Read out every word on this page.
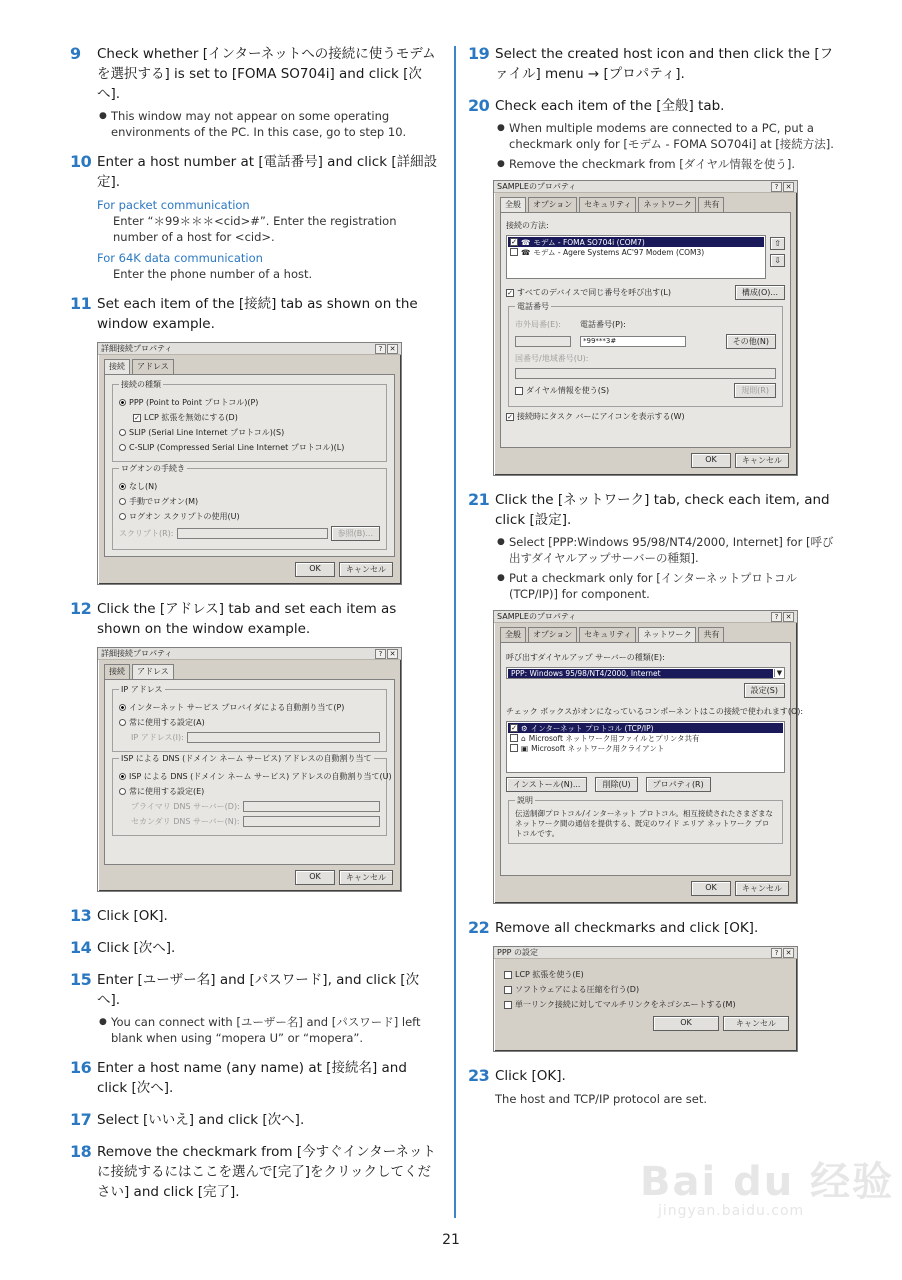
9	Check whether [インターネットへの接続に使うモデムを選択する] is set to [FOMA SO704i] and click [次へ].
● This window may not appear on some operating environments of the PC. In this case, go to step 10.
10 Enter a host number at [電話番号] and click [詳細設定].
For packet communication
Enter “＊99＊＊＊<cid>#”. Enter the registration number of a host for <cid>.
For 64K data communication
Enter the phone number of a host.
11 Set each item of the [接続] tab as shown on the window example.
詳細接続プロパティ	?	✕
接続	アドレス
接続の種類
PPP (Point to Point プロトコル)(P)
✓ LCP 拡張を無効にする(D)
SLIP (Serial Line Internet プロトコル)(S)
C-SLIP (Compressed Serial Line Internet プロトコル)(L)
ログオンの手続き
なし(N)
手動でログオン(M)
ログオン スクリプトの使用(U)
スクリプト(R):	参照(B)...
OK	キャンセル
12 Click the [アドレス] tab and set each item as shown on the window example.
詳細接続プロパティ	?	✕
接続	アドレス
IP アドレス
インターネット サービス プロバイダによる自動割り当て(P)
常に使用する設定(A)
IP アドレス(I):
ISP による DNS (ドメイン ネーム サービス) アドレスの自動割り当て
ISP による DNS (ドメイン ネーム サービス) アドレスの自動割り当て(U)
常に使用する設定(E)
プライマリ DNS サーバー(D):
セカンダリ DNS サーバー(N):
OK	キャンセル
13 Click [OK].
14 Click [次へ].
15 Enter [ユーザー名] and [パスワード], and click [次へ].
● You can connect with [ユーザー名] and [パスワード] left blank when using “mopera U” or “mopera”.
16 Enter a host name (any name) at [接続名] and click [次へ].
17 Select [いいえ] and click [次へ].
18 Remove the checkmark from [今すぐインターネットに接続するにはここを選んで[完了]をクリックしてください] and click [完了].
19 Select the created host icon and then click the [ファイル] menu → [プロパティ].
20 Check each item of the [全般] tab.
● When multiple modems are connected to a PC, put a checkmark only for [モデム - FOMA SO704i] at [接続方法].
● Remove the checkmark from [ダイヤル情報を使う].
SAMPLEのプロパティ	?	✕
全般	オプション	セキュリティ	ネットワーク	共有
接続の方法:
✓ ☎ モデム - FOMA SO704i (COM7)
☎ モデム - Agere Systems AC'97 Modem (COM3)
⇧
⇩
✓ すべてのデバイスで同じ番号を呼び出す(L)	構成(O)...
電話番号
市外局番(E):	電話番号(P):
*99***3#	その他(N)
国番号/地域番号(U):
ダイヤル情報を使う(S)	規則(R)
✓ 接続時にタスク バーにアイコンを表示する(W)
OK	キャンセル
21 Click the [ネットワーク] tab, check each item, and click [設定].
● Select [PPP:Windows 95/98/NT4/2000, Internet] for [呼び出すダイヤルアップサーバーの種類].
● Put a checkmark only for [インターネットプロトコル (TCP/IP)] for component.
SAMPLEのプロパティ	?	✕
全般	オプション	セキュリティ	ネットワーク	共有
呼び出すダイヤルアップ サーバーの種類(E):
PPP: Windows 95/98/NT4/2000, Internet	▼
設定(S)
チェック ボックスがオンになっているコンポーネントはこの接続で使われます(O):
✓ ⚙ インターネット プロトコル (TCP/IP)
⌂ Microsoft ネットワーク用ファイルとプリンタ共有
▣ Microsoft ネットワーク用クライアント
インストール(N)...	削除(U)	プロパティ(R)
説明
伝送制御プロトコル/インターネット プロトコル。相互接続されたさまざまなネットワーク間の通信を提供する、既定のワイド エリア ネットワーク プロトコルです。
OK	キャンセル
22 Remove all checkmarks and click [OK].
PPP の設定	?	✕
LCP 拡張を使う(E)
ソフトウェアによる圧縮を行う(D)
単一リンク接続に対してマルチリンクをネゴシエートする(M)
OK	キャンセル
23 Click [OK].
The host and TCP/IP protocol are set.
Bai du 经验
jingyan.baidu.com
21
